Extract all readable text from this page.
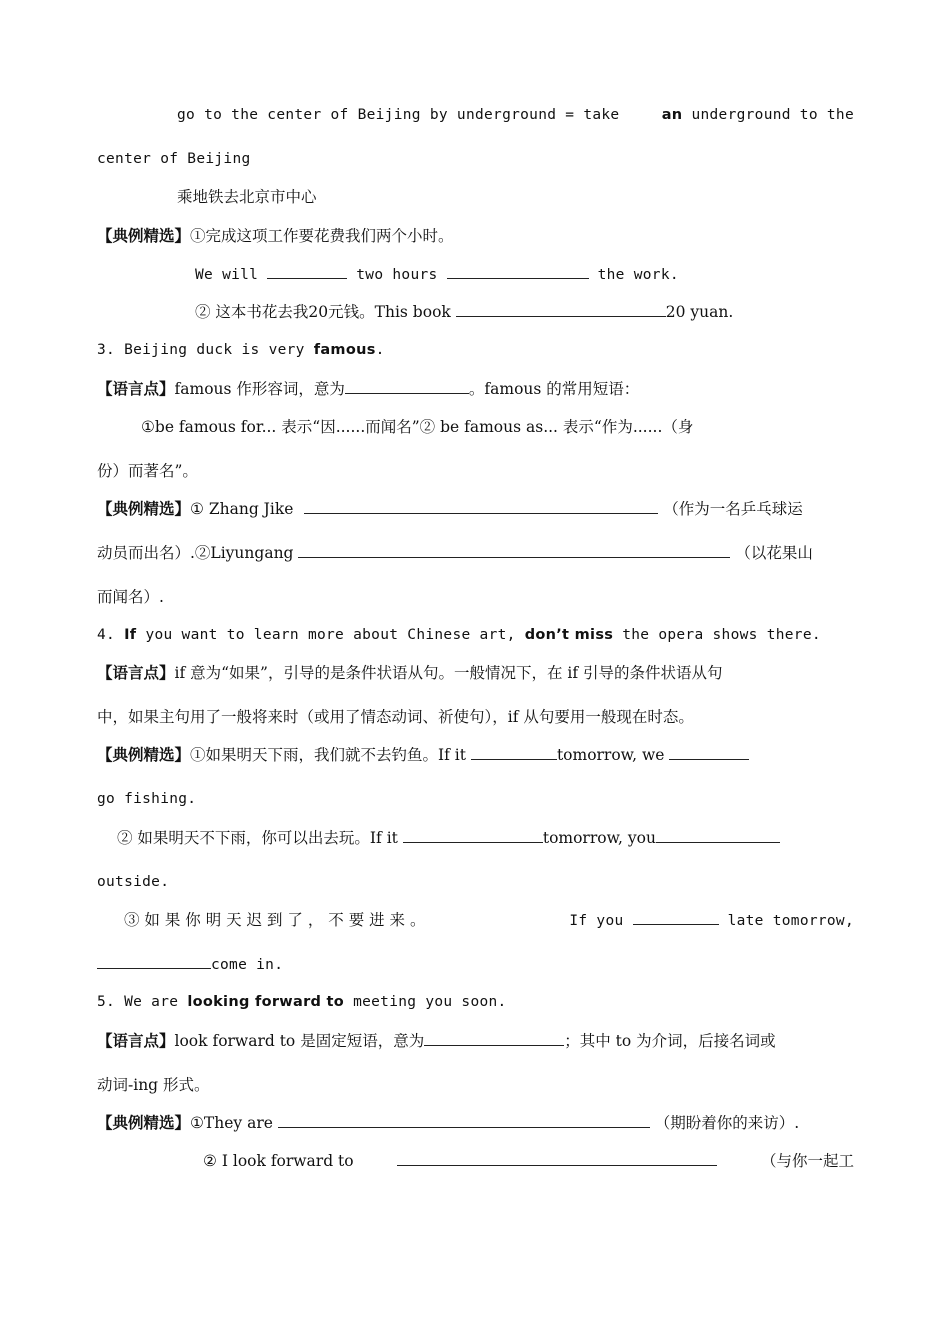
go to the center of Beijing by underground = take	an underground to the
center of Beijing
乘地铁去北京市中心
【典例精选】①完成这项工作要花费我们两个小时。
We will	two hours	the work.
② 这本书花去我20元钱。This book	20 yuan.
3. Beijing duck is very famous.
【语言点】famous 作形容词，意为	。famous 的常用短语：
①be famous for... 表示“因......而闻名”② be famous as... 表示“作为......（身
份）而著名”。
【典例精选】① Zhang Jike	（作为一名乒乓球运
动员而出名）.②Liyungang	（以花果山
而闻名）.
4. If you want to learn more about Chinese art, don’t miss the opera shows there.
【语言点】if 意为“如果”，引导的是条件状语从句。一般情况下，在 if 引导的条件状语从句
中，如果主句用了一般将来时（或用了情态动词、祈使句），if 从句要用一般现在时态。
【典例精选】①如果明天下雨，我们就不去钓鱼。If it	tomorrow, we
go fishing.
② 如果明天不下雨，你可以出去玩。If it	tomorrow, you
outside.
③ 如 果 你 明 天 迟 到 了 ， 不 要 进 来 。	If you	late tomorrow,
come in.
5. We are looking forward to meeting you soon.
【语言点】look forward to 是固定短语，意为	；其中 to 为介词，后接名词或
动词-ing 形式。
【典例精选】①They are	（期盼着你的来访）.
② I look forward to	（与你一起工
